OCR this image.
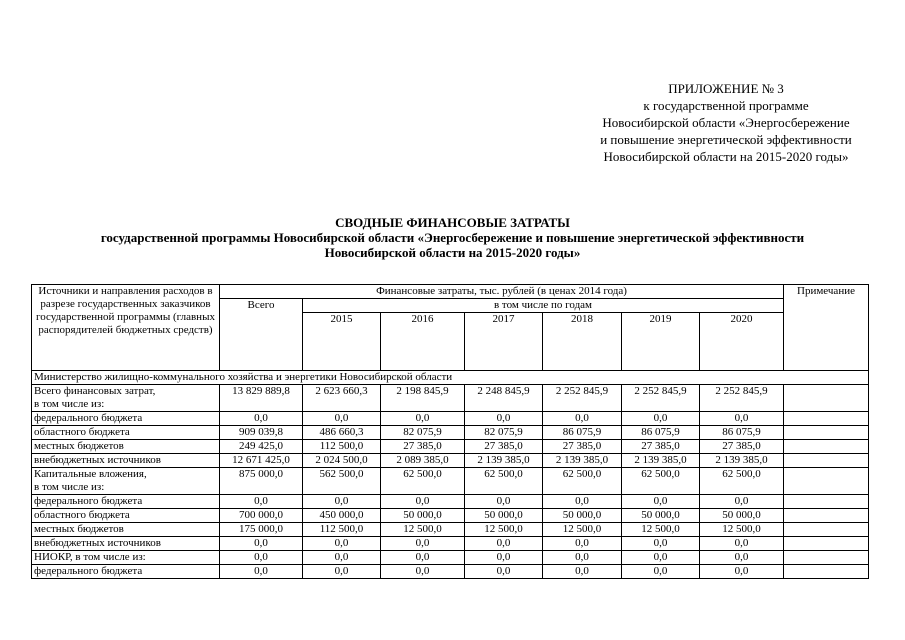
ПРИЛОЖЕНИЕ № 3
к государственной программе
Новосибирской области «Энергосбережение
и повышение энергетической эффективности
Новосибирской области на 2015-2020 годы»
СВОДНЫЕ ФИНАНСОВЫЕ ЗАТРАТЫ
государственной программы Новосибирской области «Энергосбережение и повышение энергетической эффективности
Новосибирской области на 2015-2020 годы»
Источники и направления расходов в разрезе государственных заказчиков государственной программы (главных распорядителей бюджетных средств)	Финансовые затраты, тыс. рублей (в ценах 2014 года)							Примечание
	Всего	в том числе по годам						
		2015	2016	2017	2018	2019	2020	
Министерство жилищно-коммунального хозяйства и энергетики Новосибирской области								

Всего финансовых затрат,
в том числе из:	13 829 889,8	2 623 660,3	2 198 845,9	2 248 845,9	2 252 845,9	2 252 845,9	2 252 845,9	

федерального бюджета	0,0	0,0	0,0	0,0	0,0	0,0	0,0	

областного бюджета	909 039,8	486 660,3	82 075,9	82 075,9	86 075,9	86 075,9	86 075,9	

местных бюджетов	249 425,0	112 500,0	27 385,0	27 385,0	27 385,0	27 385,0	27 385,0	

внебюджетных источников	12 671 425,0	2 024 500,0	2 089 385,0	2 139 385,0	2 139 385,0	2 139 385,0	2 139 385,0	

Капитальные вложения,
в том числе из:	875 000,0	562 500,0	62 500,0	62 500,0	62 500,0	62 500,0	62 500,0	

федерального бюджета	0,0	0,0	0,0	0,0	0,0	0,0	0,0	

областного бюджета	700 000,0	450 000,0	50 000,0	50 000,0	50 000,0	50 000,0	50 000,0	

местных бюджетов	175 000,0	112 500,0	12 500,0	12 500,0	12 500,0	12 500,0	12 500,0	

внебюджетных источников	0,0	0,0	0,0	0,0	0,0	0,0	0,0	

НИОКР, в том числе из:	0,0	0,0	0,0	0,0	0,0	0,0	0,0	

федерального бюджета	0,0	0,0	0,0	0,0	0,0	0,0	0,0	
